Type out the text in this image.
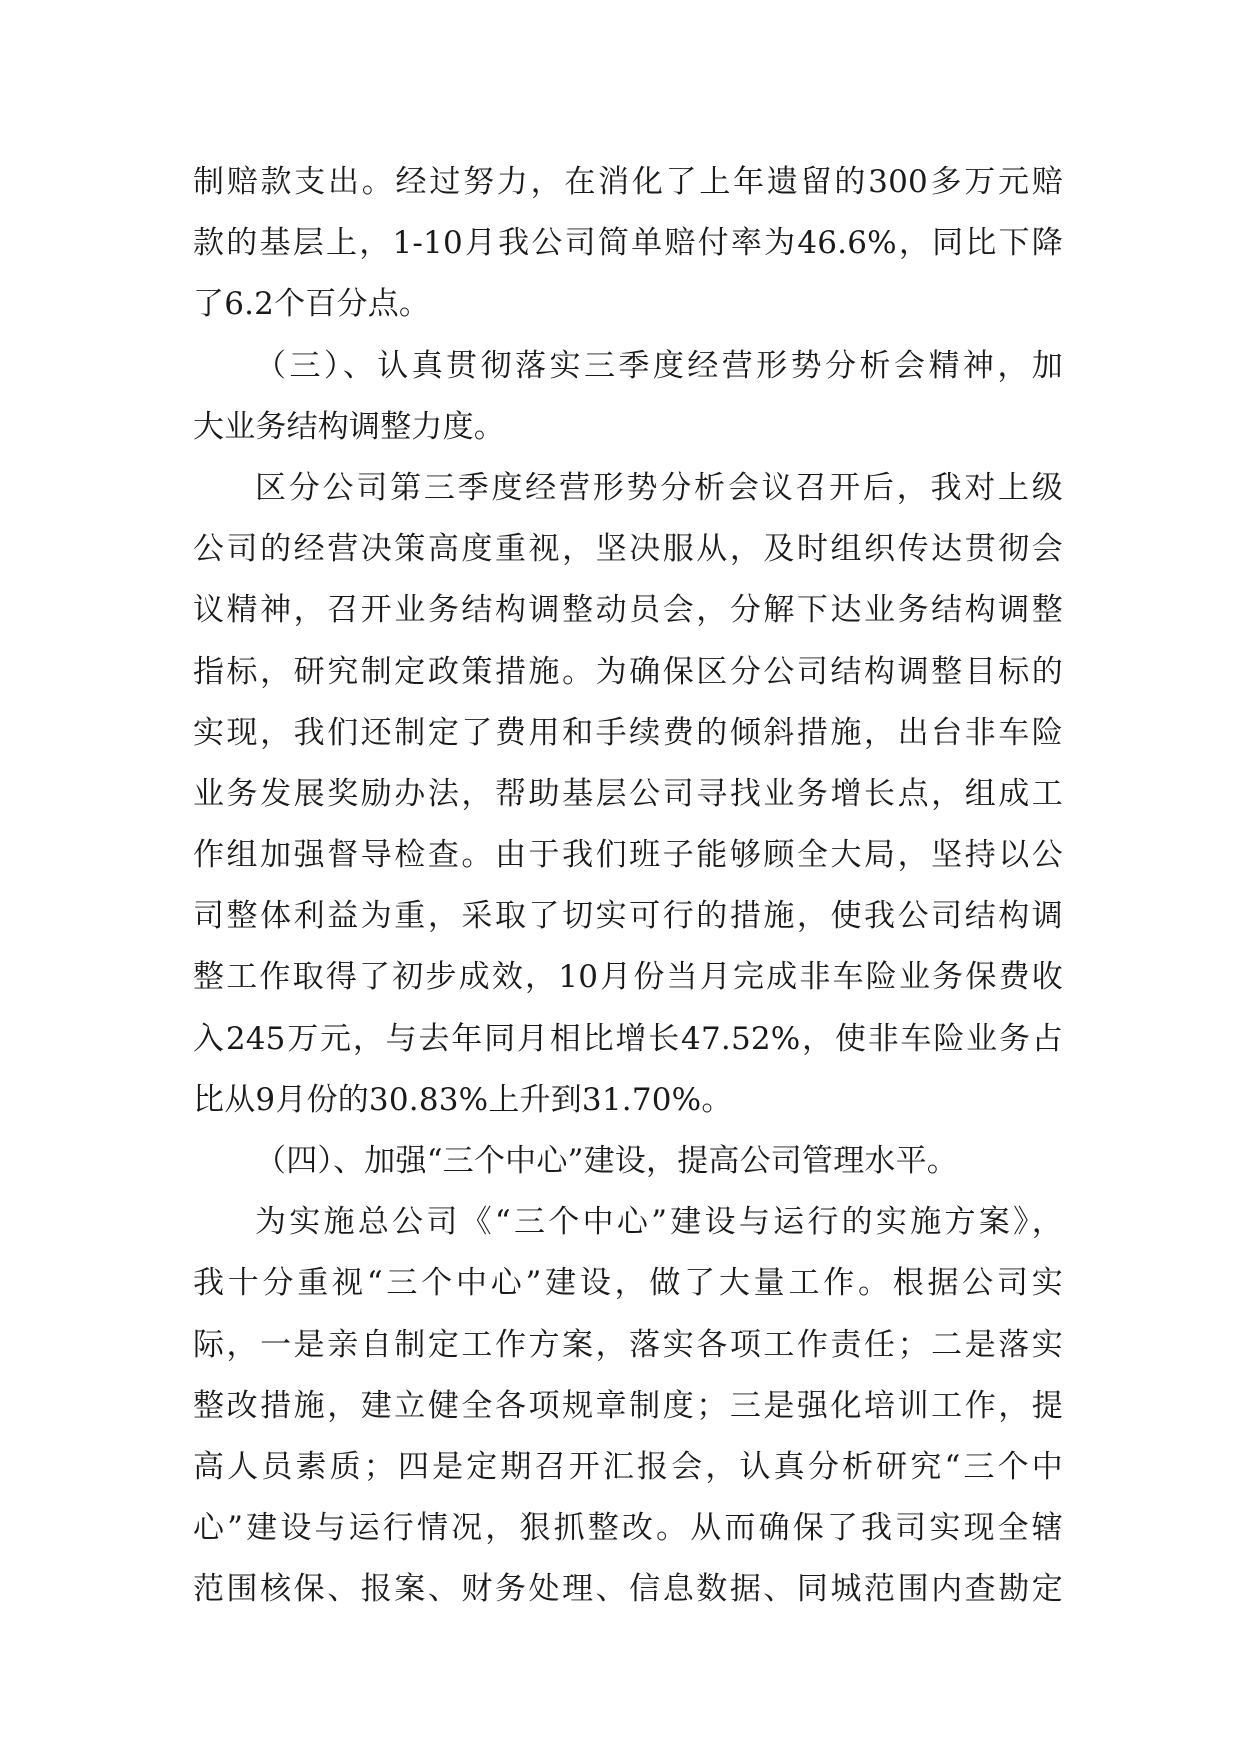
制赔款支出。经过努力，在消化了上年遗留的300多万元赔
款的基层上，1-10月我公司简单赔付率为46.6%，同比下降
了6.2个百分点。
（三）、认真贯彻落实三季度经营形势分析会精神，加
大业务结构调整力度。
区分公司第三季度经营形势分析会议召开后，我对上级
公司的经营决策高度重视，坚决服从，及时组织传达贯彻会
议精神，召开业务结构调整动员会，分解下达业务结构调整
指标，研究制定政策措施。为确保区分公司结构调整目标的
实现，我们还制定了费用和手续费的倾斜措施，出台非车险
业务发展奖励办法，帮助基层公司寻找业务增长点，组成工
作组加强督导检查。由于我们班子能够顾全大局，坚持以公
司整体利益为重，采取了切实可行的措施，使我公司结构调
整工作取得了初步成效，10月份当月完成非车险业务保费收
入245万元，与去年同月相比增长47.52%，使非车险业务占
比从9月份的30.83%上升到31.70%。
（四）、加强“三个中心”建设，提高公司管理水平。
为实施总公司《“三个中心”建设与运行的实施方案》，
我十分重视“三个中心”建设，做了大量工作。根据公司实
际，一是亲自制定工作方案，落实各项工作责任；二是落实
整改措施，建立健全各项规章制度；三是强化培训工作，提
高人员素质；四是定期召开汇报会，认真分析研究“三个中
心”建设与运行情况，狠抓整改。从而确保了我司实现全辖
范围核保、报案、财务处理、信息数据、同城范围内查勘定
